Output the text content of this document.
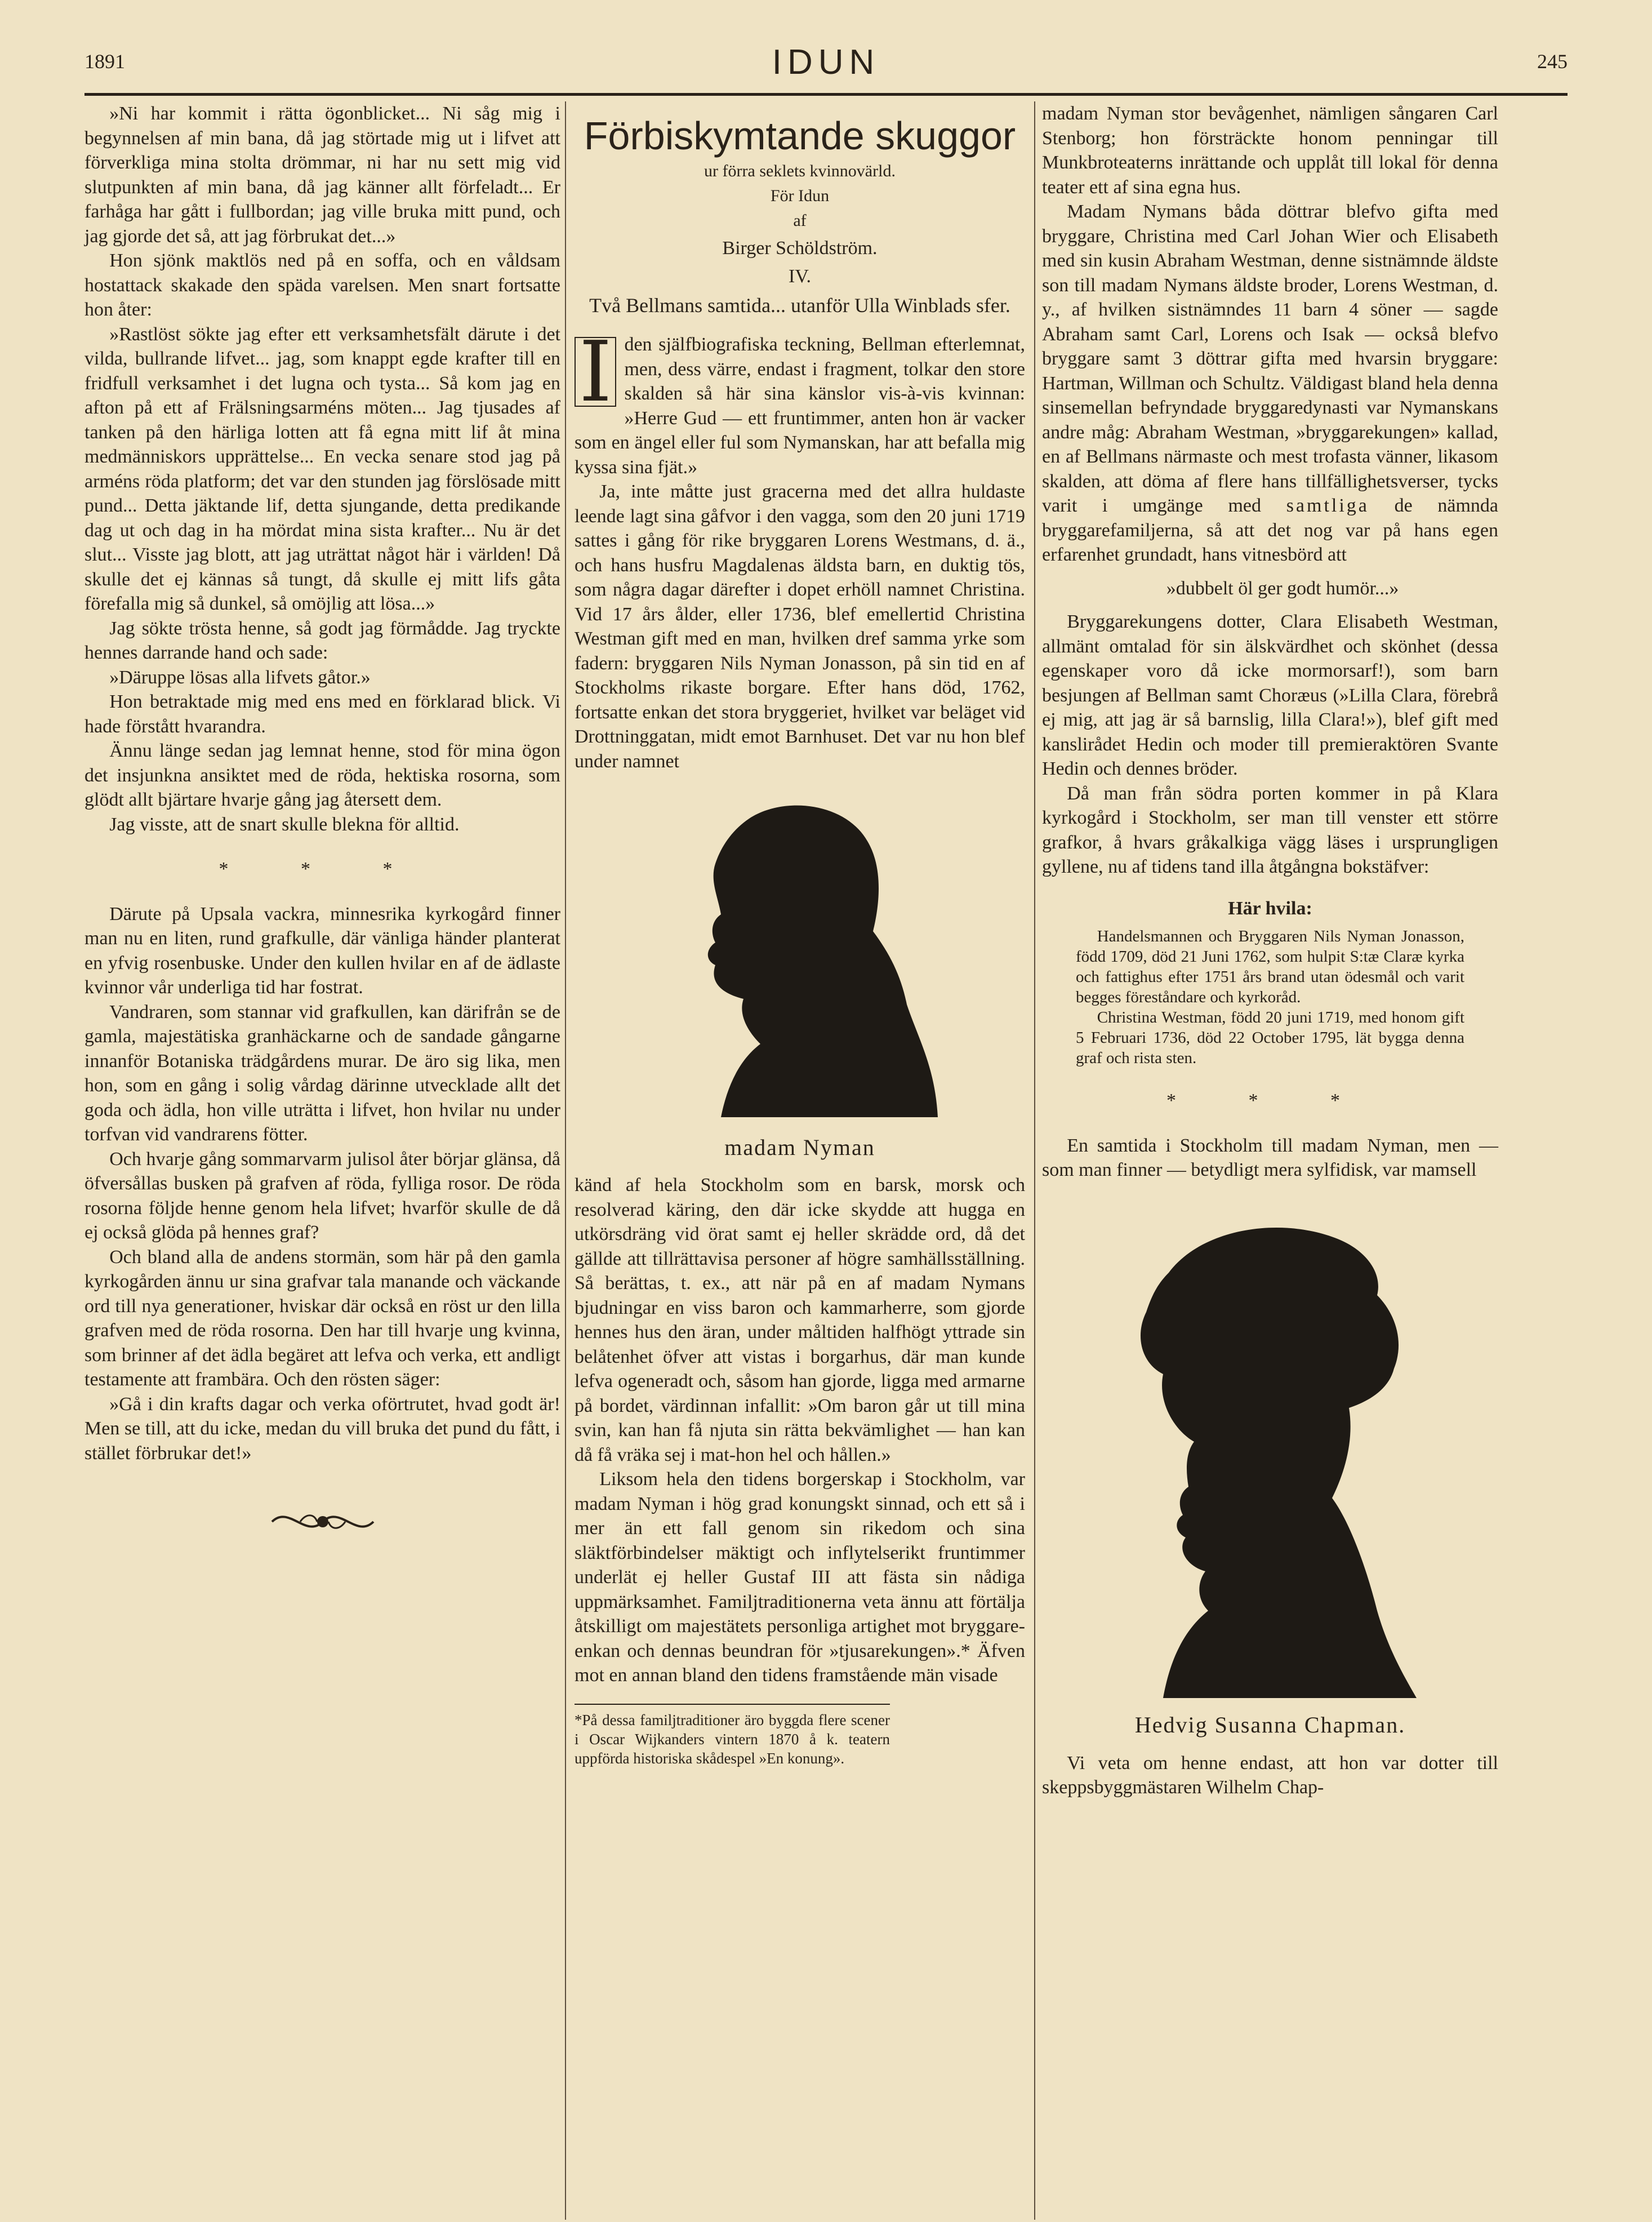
1891	IDUN	245

»Ni har kommit i rätta ögonblicket... Ni såg mig i begynnelsen af min bana, då jag störtade mig ut i lifvet att förverkliga mina stolta drömmar, ni har nu sett mig vid slutpunkten af min bana, då jag känner allt förfeladt... Er farhåga har gått i fullbordan; jag ville bruka mitt pund, och jag gjorde det så, att jag förbrukat det...»

Hon sjönk maktlös ned på en soffa, och en våldsam hostattack skakade den späda varelsen. Men snart fortsatte hon åter:

»Rastlöst sökte jag efter ett verksamhetsfält därute i det vilda, bullrande lifvet... jag, som knappt egde krafter till en fridfull verksamhet i det lugna och tysta... Så kom jag en afton på ett af Frälsningsarméns möten... Jag tjusades af tanken på den härliga lotten att få egna mitt lif åt mina medmänniskors upprättelse... En vecka senare stod jag på arméns röda platform; det var den stunden jag förslösade mitt pund... Detta jäktande lif, detta sjungande, detta predikande dag ut och dag in ha mördat mina sista krafter... Nu är det slut... Visste jag blott, att jag uträttat något här i världen! Då skulle det ej kännas så tungt, då skulle ej mitt lifs gåta förefalla mig så dunkel, så omöjlig att lösa...»

Jag sökte trösta henne, så godt jag förmådde. Jag tryckte hennes darrande hand och sade:

»Däruppe lösas alla lifvets gåtor.»

Hon betraktade mig med ens med en förklarad blick. Vi hade förstått hvarandra.

Ännu länge sedan jag lemnat henne, stod för mina ögon det insjunkna ansiktet med de röda, hektiska rosorna, som glödt allt bjärtare hvarje gång jag återsett dem.

Jag visste, att de snart skulle blekna för alltid.

* * *

Därute på Upsala vackra, minnesrika kyrkogård finner man nu en liten, rund grafkulle, där vänliga händer planterat en yfvig rosenbuske. Under den kullen hvilar en af de ädlaste kvinnor vår underliga tid har fostrat.

Vandraren, som stannar vid grafkullen, kan därifrån se de gamla, majestätiska granhäckarne och de sandade gångarne innanför Botaniska trädgårdens murar. De äro sig lika, men hon, som en gång i solig vårdag därinne utvecklade allt det goda och ädla, hon ville uträtta i lifvet, hon hvilar nu under torfvan vid vandrarens fötter.

Och hvarje gång sommarvarm julisol åter börjar glänsa, då öfversållas busken på grafven af röda, fylliga rosor. De röda rosorna följde henne genom hela lifvet; hvarför skulle de då ej också glöda på hennes graf?

Och bland alla de andens stormän, som här på den gamla kyrkogården ännu ur sina grafvar tala manande och väckande ord till nya generationer, hviskar där också en röst ur den lilla grafven med de röda rosorna. Den har till hvarje ung kvinna, som brinner af det ädla begäret att lefva och verka, ett andligt testamente att frambära. Och den rösten säger:

»Gå i din krafts dagar och verka oförtrutet, hvad godt är! Men se till, att du icke, medan du vill bruka det pund du fått, i stället förbrukar det!»

Förbiskymtande skuggor
ur förra seklets kvinnovärld.
För Idun
af
Birger Schöldström.
IV.
Två Bellmans samtida... utanför Ulla Winblads sfer.

I den själfbiografiska teckning, Bellman efterlemnat, men, dess värre, endast i fragment, tolkar den store skalden så här sina känslor vis-à-vis kvinnan: »Herre Gud — ett fruntimmer, anten hon är vacker som en ängel eller ful som Nymanskan, har att befalla mig kyssa sina fjät.»

Ja, inte måtte just gracerna med det allra huldaste leende lagt sina gåfvor i den vagga, som den 20 juni 1719 sattes i gång för rike bryggaren Lorens Westmans, d. ä., och hans husfru Magdalenas äldsta barn, en duktig tös, som några dagar därefter i dopet erhöll namnet Christina. Vid 17 års ålder, eller 1736, blef emellertid Christina Westman gift med en man, hvilken dref samma yrke som fadern: bryggaren Nils Nyman Jonasson, på sin tid en af Stockholms rikaste borgare. Efter hans död, 1762, fortsatte enkan det stora bryggeriet, hvilket var beläget vid Drottninggatan, midt emot Barnhuset. Det var nu hon blef under namnet

madam Nyman

känd af hela Stockholm som en barsk, morsk och resolverad käring, den där icke skydde att hugga en utkörsdräng vid örat samt ej heller skrädde ord, då det gällde att tillrättavisa personer af högre samhällsställning. Så berättas, t. ex., att när på en af madam Nymans bjudningar en viss baron och kammarherre, som gjorde hennes hus den äran, under måltiden halfhögt yttrade sin belåtenhet öfver att vistas i borgarhus, där man kunde lefva ogeneradt och, såsom han gjorde, ligga med armarne på bordet, värdinnan infallit: »Om baron går ut till mina svin, kan han få njuta sin rätta bekvämlighet — han kan då få vräka sej i mat-hon hel och hållen.»

Liksom hela den tidens borgerskap i Stockholm, var madam Nyman i hög grad konungskt sinnad, och ett så i mer än ett fall genom sin rikedom och sina släktförbindelser mäktigt och inflytelserikt fruntimmer underlät ej heller Gustaf III att fästa sin nådiga uppmärksamhet. Familjtraditionerna veta ännu att förtälja åtskilligt om majestätets personliga artighet mot bryggare-enkan och dennas beundran för »tjusarekungen».* Äfven mot en annan bland den tidens framstående män visade

*På dessa familjtraditioner äro byggda flere scener i Oscar Wijkanders vintern 1870 å k. teatern uppförda historiska skådespel »En konung».

madam Nyman stor bevågenhet, nämligen sångaren Carl Stenborg; hon försträckte honom penningar till Munkbroteaterns inrättande och upplåt till lokal för denna teater ett af sina egna hus.

Madam Nymans båda döttrar blefvo gifta med bryggare, Christina med Carl Johan Wier och Elisabeth med sin kusin Abraham Westman, denne sistnämnde äldste son till madam Nymans äldste broder, Lorens Westman, d. y., af hvilken sistnämndes 11 barn 4 söner — sagde Abraham samt Carl, Lorens och Isak — också blefvo bryggare samt 3 döttrar gifta med hvarsin bryggare: Hartman, Willman och Schultz. Väldigast bland hela denna sinsemellan befryndade bryggaredynasti var Nymanskans andre måg: Abraham Westman, »bryggarekungen» kallad, en af Bellmans närmaste och mest trofasta vänner, likasom skalden, att döma af flere hans tillfällighetsverser, tycks varit i umgänge med samtliga de nämnda bryggarefamiljerna, så att det nog var på hans egen erfarenhet grundadt, hans vitnesbörd att

»dubbelt öl ger godt humör...»

Bryggarekungens dotter, Clara Elisabeth Westman, allmänt omtalad för sin älskvärdhet och skönhet (dessa egenskaper voro då icke mormorsarf!), som barn besjungen af Bellman samt Choræus (»Lilla Clara, förebrå ej mig, att jag är så barnslig, lilla Clara!»), blef gift med kanslirådet Hedin och moder till premieraktören Svante Hedin och dennes bröder.

Då man från södra porten kommer in på Klara kyrkogård i Stockholm, ser man till venster ett större grafkor, å hvars gråkalkiga vägg läses i ursprungligen gyllene, nu af tidens tand illa åtgångna bokstäfver:

Här hvila:

Handelsmannen och Bryggaren Nils Nyman Jonasson, född 1709, död 21 Juni 1762, som hulpit S:tæ Claræ kyrka och fattighus efter 1751 års brand utan ödesmål och varit begges föreståndare och kyrkoråd.

Christina Westman, född 20 juni 1719, med honom gift 5 Februari 1736, död 22 October 1795, lät bygga denna graf och rista sten.

* * *

En samtida i Stockholm till madam Nyman, men — som man finner — betydligt mera sylfidisk, var mamsell

Hedvig Susanna Chapman.

Vi veta om henne endast, att hon var dotter till skeppsbyggmästaren Wilhelm Chap-
